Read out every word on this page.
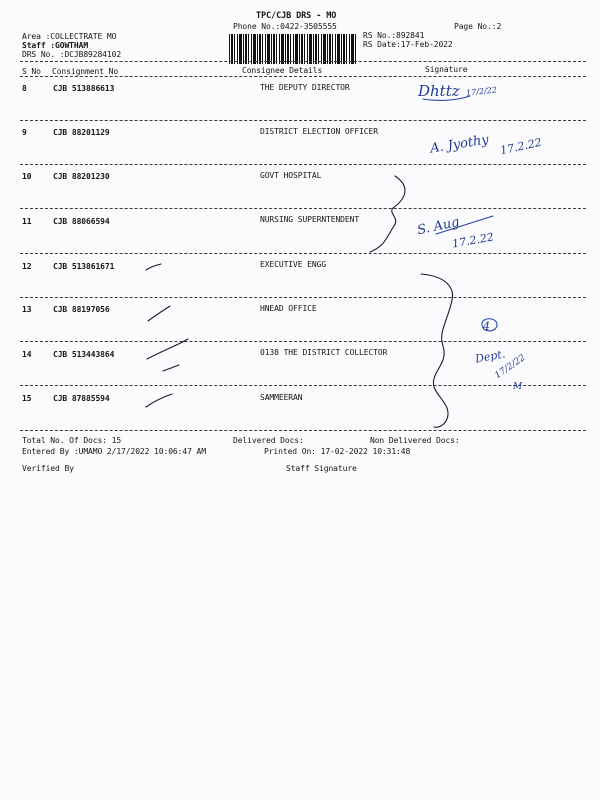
TPC/CJB DRS - MO
Phone No.:0422-3505555	Page No.:2
Area :COLLECTRATE MO
Staff :GOWTHAM
DRS No. :DCJB89284102
RS No.:892841
RS Date:17-Feb-2022
S No Consignment No	Consignee Details	Signature
8	CJB 513886613	THE DEPUTY DIRECTOR
9	CJB 88201129	DISTRICT ELECTION OFFICER
10	CJB 88201230	GOVT HOSPITAL
11	CJB 88066594	NURSING SUPERNTENDENT
12	CJB 513861671	EXECUTIVE ENGG
13	CJB 88197056	HNEAD OFFICE
14	CJB 513443864	0138 THE DISTRICT COLLECTOR
15	CJB 87885594	SAMMEERAN
Total No. Of Docs: 15	Delivered Docs:	Non Delivered Docs:
Entered By :UMAMO 2/17/2022 10:06:47 AM	Printed On: 17-02-2022 10:31:48
Verified By	Staff Signature
Dhttz 17/2/22
A. Jyothy 17.2.22
S. Aug
17.2.22
4
Dept.
17/2/22
M
